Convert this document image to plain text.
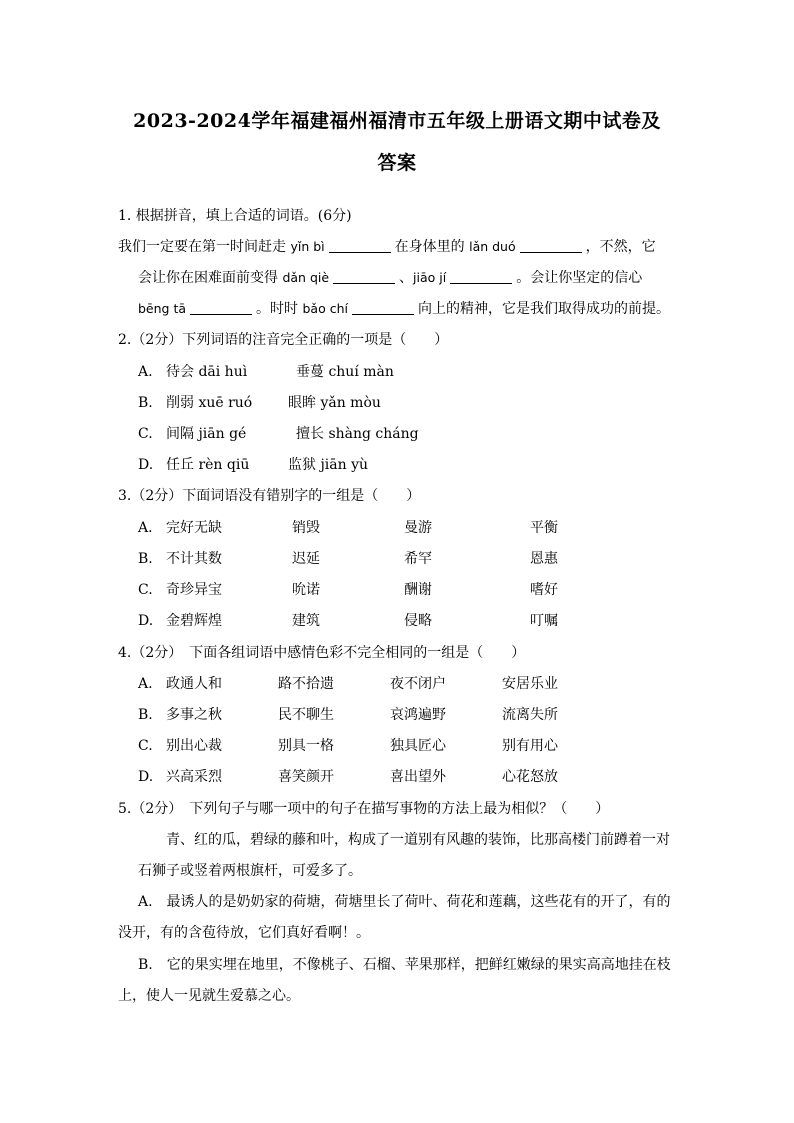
2023-2024学年福建福州福清市五年级上册语文期中试卷及
答案
1. 根据拼音，填上合适的词语。(6分)
我们一定要在第一时间赶走 yǐn bì	在身体里的 lǎn duó	，不然，它
会让你在困难面前变得 dǎn qiè	、jiāo jí	。会让你坚定的信心
bēng tā	。时时 bǎo chí	向上的精神，它是我们取得成功的前提。
2.（2分）下列词语的注音完全正确的一项是（　　）
A. 待会 dāi huì	垂蔓 chuí màn
B. 削弱 xuē ruó	眼眸 yǎn mòu
C. 间隔 jiān gé	擅长 shàng cháng
D. 任丘 rèn qiū	监狱 jiān yù
3.（2分）下面词语没有错别字的一组是（　　）
A. 完好无缺	销毁	曼游	平衡
B. 不计其数	迟延	希罕	恩惠
C. 奇珍异宝	吮诺	酬谢	嗜好
D. 金碧辉煌	建筑	侵略	叮嘱
4.（2分）　下面各组词语中感情色彩不完全相同的一组是（　　）
A. 政通人和	路不拾遗	夜不闭户	安居乐业
B. 多事之秋	民不聊生	哀鸿遍野	流离失所
C. 别出心裁	别具一格	独具匠心	别有用心
D. 兴高采烈	喜笑颜开	喜出望外	心花怒放
5.（2分）　下列句子与哪一项中的句子在描写事物的方法上最为相似？（　　）
青、红的瓜，碧绿的藤和叶，构成了一道别有风趣的装饰，比那高楼门前蹲着一对
石狮子或竖着两根旗杆，可爱多了。
A.　最诱人的是奶奶家的荷塘，荷塘里长了荷叶、荷花和莲藕，这些花有的开了，有的
没开，有的含苞待放，它们真好看啊！。
B.　它的果实埋在地里，不像桃子、石榴、苹果那样，把鲜红嫩绿的果实高高地挂在枝
上，使人一见就生爱慕之心。
